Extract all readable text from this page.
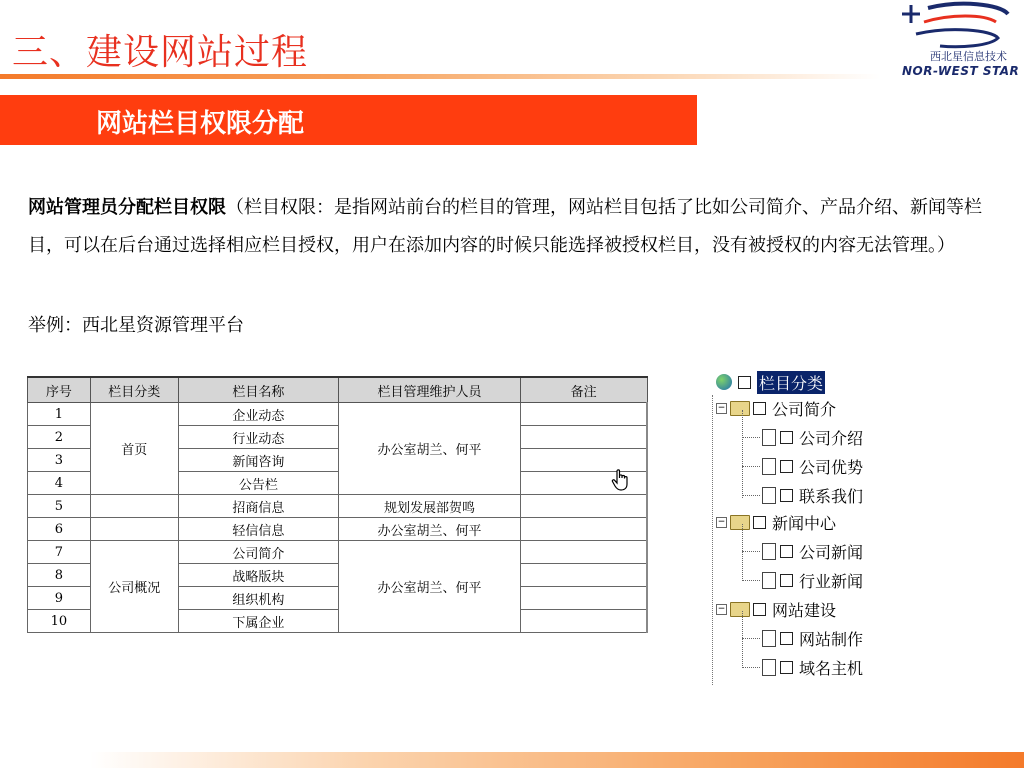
三、建设网站过程	西北星信息技术
NOR-WEST STAR
网站栏目权限分配
网站管理员分配栏目权限（栏目权限：是指网站前台的栏目的管理，网站栏目包括了比如公司简介、产品介绍、新闻等栏目，可以在后台通过选择相应栏目授权，用户在添加内容的时候只能选择被授权栏目，没有被授权的内容无法管理。）
举例：西北星资源管理平台
序号	栏目分类	栏目名称	栏目管理维护人员	备注
1	首页	企业动态	办公室胡兰、何平	
2		行业动态		
3		新闻咨询		
4		公告栏		
5		招商信息	规划发展部贺鸣	
6		轻信信息	办公室胡兰、何平	
7	公司概况	公司简介	办公室胡兰、何平	
8		战略版块		
9		组织机构		
10		下属企业		
栏目分类
−	公司简介
公司介绍
公司优势
联系我们
−	新闻中心
公司新闻
行业新闻
−	网站建设
网站制作
域名主机
